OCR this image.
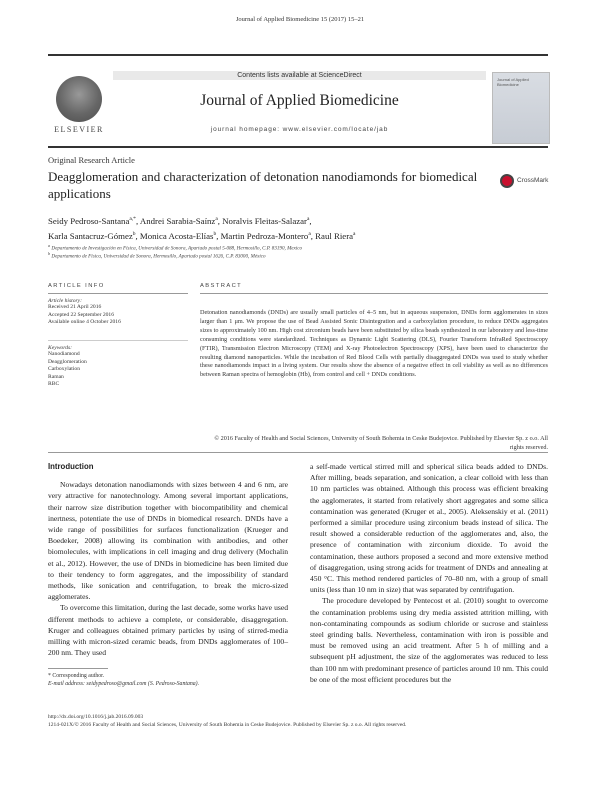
Journal of Applied Biomedicine 15 (2017) 15–21
ELSEVIER
Contents lists available at ScienceDirect
Journal of Applied Biomedicine
journal homepage: www.elsevier.com/locate/jab
Journal of Applied Biomedicine
Original Research Article
Deagglomeration and characterization of detonation nanodiamonds for biomedical applications
CrossMark
Seidy Pedroso-Santana$^{a,*}$, Andrei Sarabia-Saínz$^a$, Noralvis Fleitas-Salazar$^a$,
Karla Santacruz-Gómez$^b$, Monica Acosta-Elías$^b$, Martin Pedroza-Montero$^a$, Raul Riera$^a$
$^a$ Departamento de Investigación en Física, Universidad de Sonora, Apartado postal 5-088, Hermosillo, C.P. 83190, Mexico
$^b$ Departamento de Física, Universidad de Sonora, Hermosillo, Apartado postal 1626, C.P. 83000, México
ARTICLE INFO
Article history:
Received 21 April 2016
Accepted 22 September 2016
Available online 4 October 2016
Keywords:
Nanodiamond
Deagglomeration
Carboxylation
Raman
RBC
ABSTRACT
Detonation nanodiamonds (DNDs) are usually small particles of 4–5 nm, but in aqueous suspension, DNDs form agglomerates in sizes larger than 1 μm. We propose the use of Bead Assisted Sonic Disintegration and a carboxylation procedure, to reduce DNDs aggregates sizes to approximately 100 nm. High cost zirconium beads have been substituted by silica beads synthesized in our laboratory and less-time consuming conditions were standardized. Techniques as Dynamic Light Scattering (DLS), Fourier Transform InfraRed Spectroscopy (FTIR), Transmission Electron Microscopy (TEM) and X-ray Photoelectron Spectroscopy (XPS), have been used to characterize the resulting diamond nanoparticles. While the incubation of Red Blood Cells with partially disaggregated DNDs was used to study whether these nanodiamonds impact in a living system. Our results show the absence of a negative effect in cell viability as well as no differences between Raman spectra of hemoglobin (Hb), from control and cell + DNDs conditions.
© 2016 Faculty of Health and Social Sciences, University of South Bohemia in Ceske Budejovice. Published by Elsevier Sp. z o.o. All rights reserved.
Introduction

Nowadays detonation nanodiamonds with sizes between 4 and 6 nm, are very attractive for nanotechnology. Among several important applications, their narrow size distribution together with biocompatibility and chemical inertness, potentiate the use of DNDs in biomedical research. DNDs have a wide range of possibilities for surfaces functionalization (Krueger and Boedeker, 2008) allowing its combination with antibodies, and other biomolecules, with implications in cell imaging and drug delivery (Mochalin et al., 2012). However, the use of DNDs in biomedicine has been limited due to their tendency to form aggregates, and the impossibility of standard methods, like sonication and centrifugation, to break the micro-sized agglomerates.

To overcome this limitation, during the last decade, some works have used different methods to achieve a complete, or considerable, disaggregation. Kruger and colleagues obtained primary particles by using of stirred-media milling with micron-sized ceramic beads, from DNDs agglomerates of 100–200 nm. They used

a self-made vertical stirred mill and spherical silica beads added to DNDs. After milling, beads separation, and sonication, a clear colloid with less than 10 nm particles was obtained. Although this process was efficient breaking the agglomerates, it started from relatively short aggregates and some silica contamination was generated (Kruger et al., 2005). Aleksenskiy et al. (2011) performed a similar procedure using zirconium beads instead of silica. The result showed a considerable reduction of the agglomerates and, also, the presence of contamination with zirconium dioxide. To avoid the contamination, these authors proposed a second and more extensive method of disaggregation, using strong acids for treatment of DNDs and annealing at 450 °C. This method rendered particles of 70–80 nm, with a group of small units (less than 10 nm in size) that was separated by centrifugation.

The procedure developed by Pentecost et al. (2010) sought to overcome the contamination problems using dry media assisted attrition milling, with non-contaminating compounds as sodium chloride or sucrose and stainless steel grinding balls. Nevertheless, contamination with iron is possible and must be removed using an acid treatment. After 5 h of milling and a subsequent pH adjustment, the size of the agglomerates was reduced to less than 100 nm with predominant presence of particles around 10 nm. This could be one of the most efficient procedures but the

* Corresponding author.
E-mail address: seidypedroso@gmail.com (S. Pedroso-Santana).
http://dx.doi.org/10.1016/j.jab.2016.09.003
1214-021X/© 2016 Faculty of Health and Social Sciences, University of South Bohemia in Ceske Budejovice. Published by Elsevier Sp. z o.o. All rights reserved.
